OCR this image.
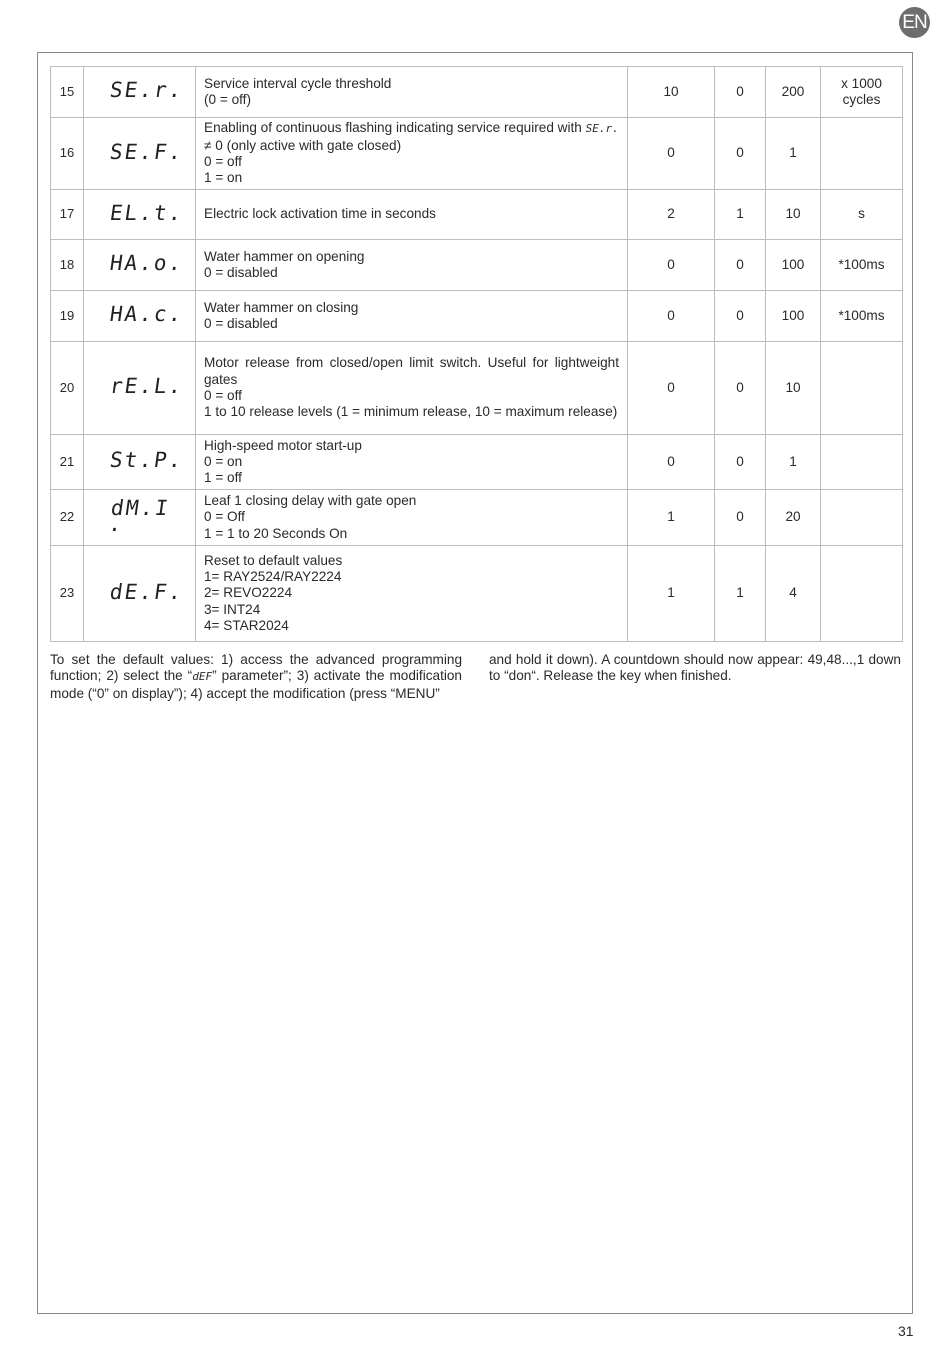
EN
15	SE.r.	Service interval cycle threshold
(0 = off)	10	0	200	x 1000
cycles

16	SE.F.	Enabling of continuous flashing indicating service required with SE.r.
≠ 0 (only active with gate closed)
0 = off
1 = on	0	0	1	
17	EL.t.	Electric lock activation time in seconds	2	1	10	s

18	HA.o.	Water hammer on opening
0 = disabled	0	0	100	*100ms

19	HA.c.	Water hammer on closing
0 = disabled	0	0	100	*100ms

20	rE.L.	Motor release from closed/open limit switch. Useful for lightweight gates
0 = off
1 to 10 release levels (1 = minimum release, 10 = maximum release)	0	0	10	
21	St.P.	High-speed motor start-up
0 = on
1 = off	0	0	1	
22	dM.I .	Leaf 1 closing delay with gate open
0 = Off
1 = 1 to 20 Seconds On	1	0	20	
23	dE.F.	Reset to default values
1= RAY2524/RAY2224
2= REVO2224
3= INT24
4= STAR2024	1	1	4	
To set the default values: 1) access the advanced programming function; 2) select the “dEF” parameter”; 3) activate the modification mode (“0” on display”); 4) accept the modification (press “MENU”
and hold it down). A countdown should now appear: 49,48...,1 down to “don“. Release the key when finished.
31
